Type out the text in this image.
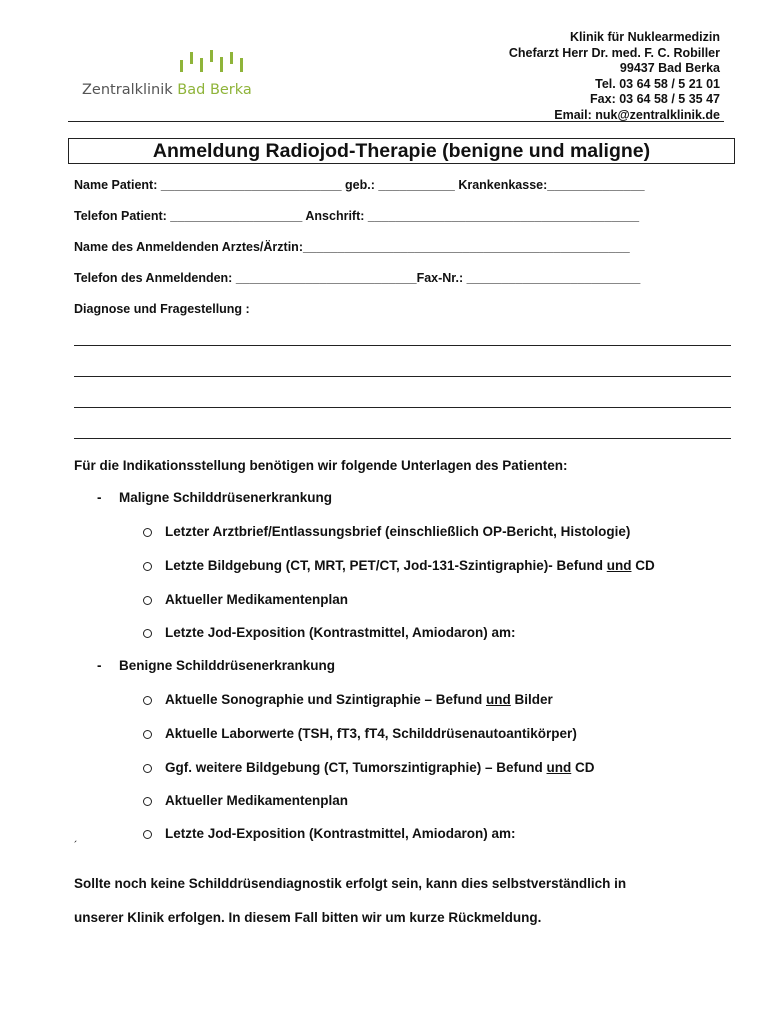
Zentralklinik Bad Berka
Klinik für Nuklearmedizin
Chefarzt Herr Dr. med. F. C. Robiller
99437 Bad Berka
Tel. 03 64 58 / 5 21 01
Fax: 03 64 58 / 5 35 47
Email: nuk@zentralklinik.de
Anmeldung Radiojod-Therapie (benigne und maligne)
Name Patient: __________________________ geb.: ___________ Krankenkasse:______________
Telefon Patient: ___________________ Anschrift: _______________________________________
Name des Anmeldenden Arztes/Ärztin:_______________________________________________
Telefon des Anmeldenden: __________________________Fax-Nr.: _________________________
Diagnose und Fragestellung :
Für die Indikationsstellung benötigen wir folgende Unterlagen des Patienten:
- Maligne Schilddrüsenerkrankung
Letzter Arztbrief/Entlassungsbrief (einschließlich OP-Bericht, Histologie)
Letzte Bildgebung (CT, MRT, PET/CT, Jod-131-Szintigraphie)- Befund und CD
Aktueller Medikamentenplan
Letzte Jod-Exposition (Kontrastmittel, Amiodaron) am:
- Benigne Schilddrüsenerkrankung
Aktuelle Sonographie und Szintigraphie – Befund und Bilder
Aktuelle Laborwerte (TSH, fT3, fT4, Schilddrüsenautoantikörper)
Ggf. weitere Bildgebung (CT, Tumorszintigraphie) – Befund und CD
Aktueller Medikamentenplan
Letzte Jod-Exposition (Kontrastmittel, Amiodaron) am:
´
Sollte noch keine Schilddrüsendiagnostik erfolgt sein, kann dies selbstverständlich in
unserer Klinik erfolgen. In diesem Fall bitten wir um kurze Rückmeldung.
